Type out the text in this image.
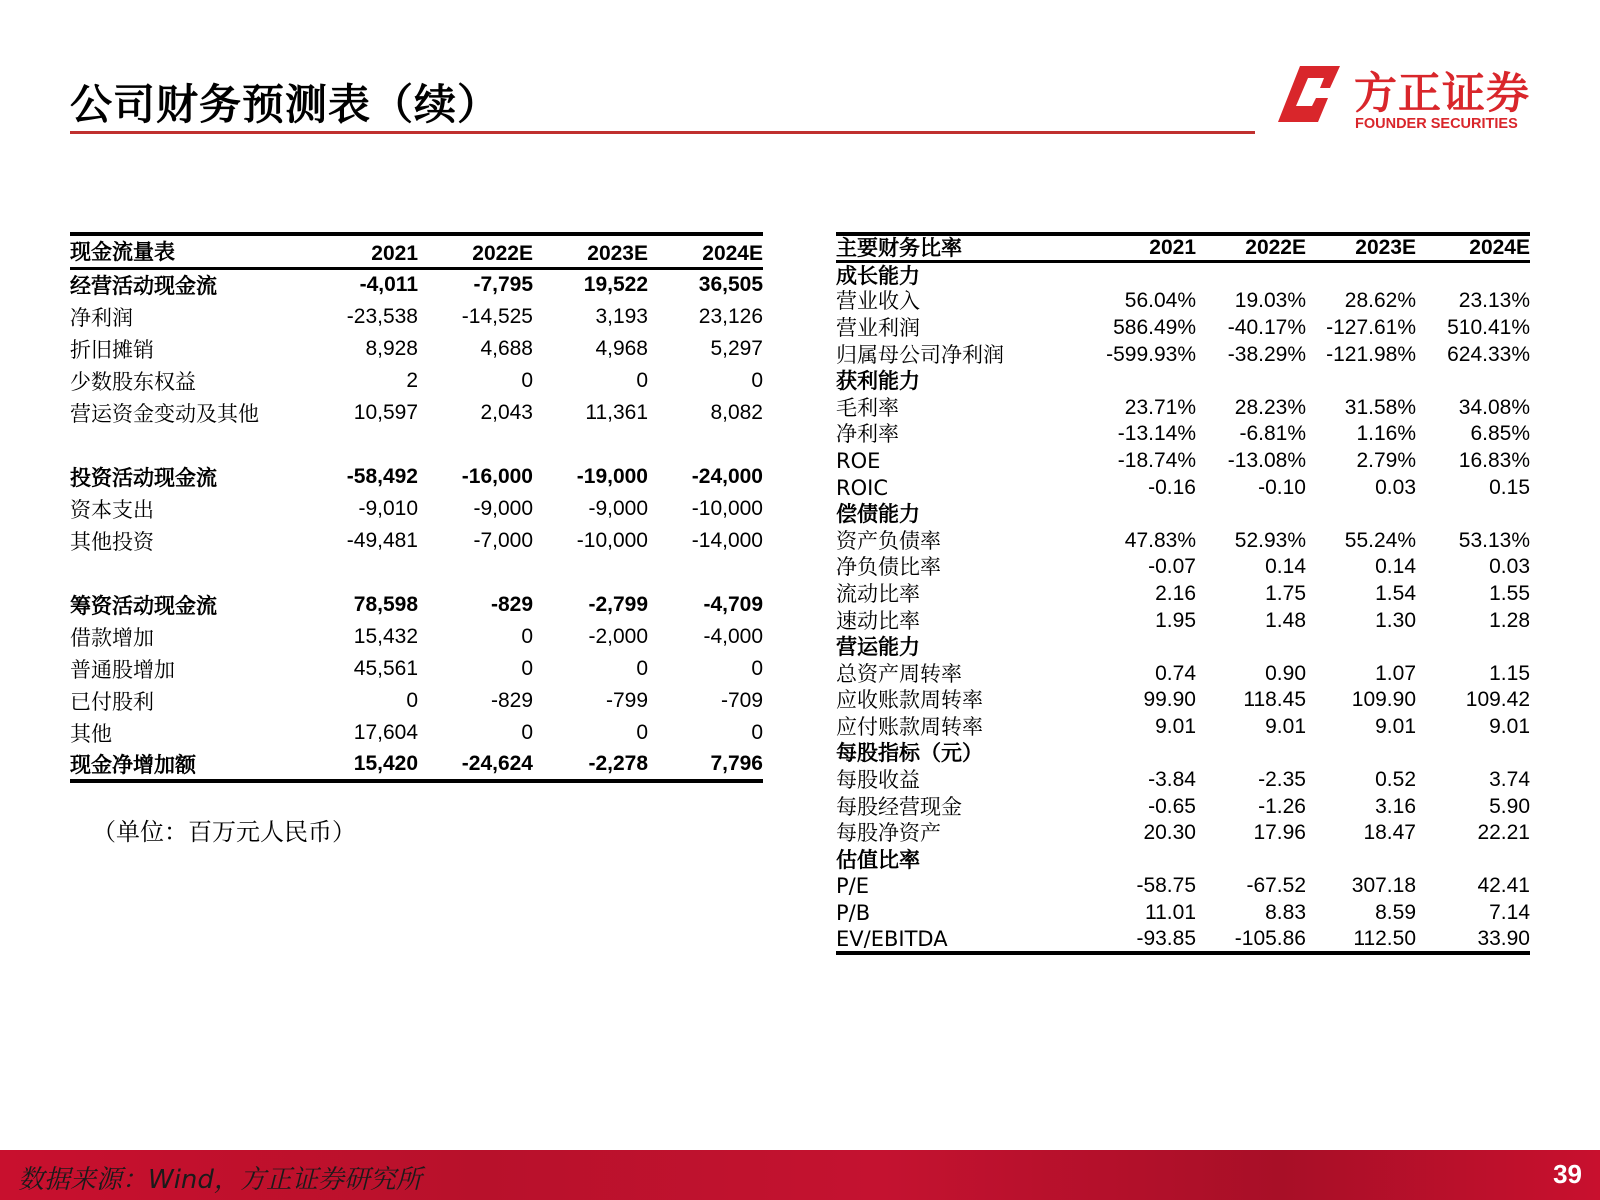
公司财务预测表（续）	方正证券
FOUNDER SECURITIES
现金流量表	2021	2022E	2023E	2024E
经营活动现金流	-4,011	-7,795	19,522	36,505
净利润	-23,538	-14,525	3,193	23,126
折旧摊销	8,928	4,688	4,968	5,297
少数股东权益	2	0	0	0
营运资金变动及其他	10,597	2,043	11,361	8,082

投资活动现金流	-58,492	-16,000	-19,000	-24,000
资本支出	-9,010	-9,000	-9,000	-10,000
其他投资	-49,481	-7,000	-10,000	-14,000

筹资活动现金流	78,598	-829	-2,799	-4,709
借款增加	15,432	0	-2,000	-4,000
普通股增加	45,561	0	0	0
已付股利	0	-829	-799	-709
其他	17,604	0	0	0
现金净增加额	15,420	-24,624	-2,278	7,796
（单位：百万元人民币）
主要财务比率	2021	2022E	2023E	2024E
成长能力				
营业收入	56.04%	19.03%	28.62%	23.13%
营业利润	586.49%	-40.17%	-127.61%	510.41%
归属母公司净利润	-599.93%	-38.29%	-121.98%	624.33%
获利能力				
毛利率	23.71%	28.23%	31.58%	34.08%
净利率	-13.14%	-6.81%	1.16%	6.85%
ROE	-18.74%	-13.08%	2.79%	16.83%
ROIC	-0.16	-0.10	0.03	0.15
偿债能力				
资产负债率	47.83%	52.93%	55.24%	53.13%
净负债比率	-0.07	0.14	0.14	0.03
流动比率	2.16	1.75	1.54	1.55
速动比率	1.95	1.48	1.30	1.28
营运能力				
总资产周转率	0.74	0.90	1.07	1.15
应收账款周转率	99.90	118.45	109.90	109.42
应付账款周转率	9.01	9.01	9.01	9.01
每股指标（元）				
每股收益	-3.84	-2.35	0.52	3.74
每股经营现金	-0.65	-1.26	3.16	5.90
每股净资产	20.30	17.96	18.47	22.21
估值比率				
P/E	-58.75	-67.52	307.18	42.41
P/B	11.01	8.83	8.59	7.14
EV/EBITDA	-93.85	-105.86	112.50	33.90
数据来源：Wind，方正证券研究所	39
